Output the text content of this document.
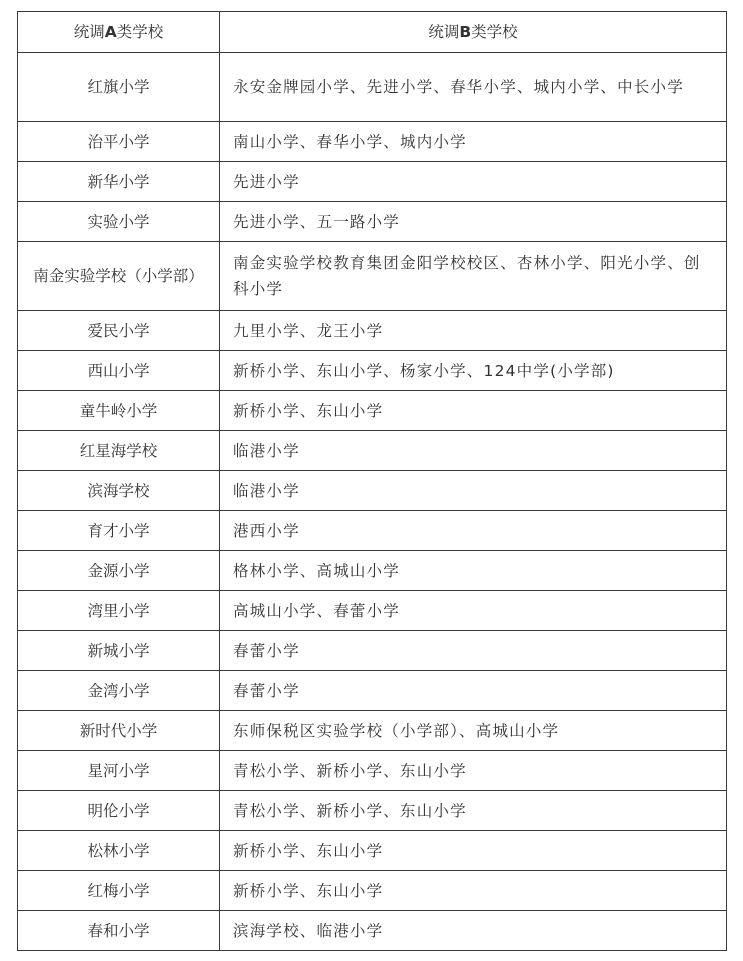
统调A类学校	统调B类学校
红旗小学	永安金牌园小学、先进小学、春华小学、城内小学、中长小学
治平小学	南山小学、春华小学、城内小学
新华小学	先进小学
实验小学	先进小学、五一路小学
南金实验学校（小学部）	南金实验学校教育集团金阳学校校区、杏林小学、阳光小学、创科小学
爱民小学	九里小学、龙王小学
西山小学	新桥小学、东山小学、杨家小学、124中学(小学部)
童牛岭小学	新桥小学、东山小学
红星海学校	临港小学
滨海学校	临港小学
育才小学	港西小学
金源小学	格林小学、高城山小学
湾里小学	高城山小学、春蕾小学
新城小学	春蕾小学
金湾小学	春蕾小学
新时代小学	东师保税区实验学校（小学部）、高城山小学
星河小学	青松小学、新桥小学、东山小学
明伦小学	青松小学、新桥小学、东山小学
松林小学	新桥小学、东山小学
红梅小学	新桥小学、东山小学
春和小学	滨海学校、临港小学
